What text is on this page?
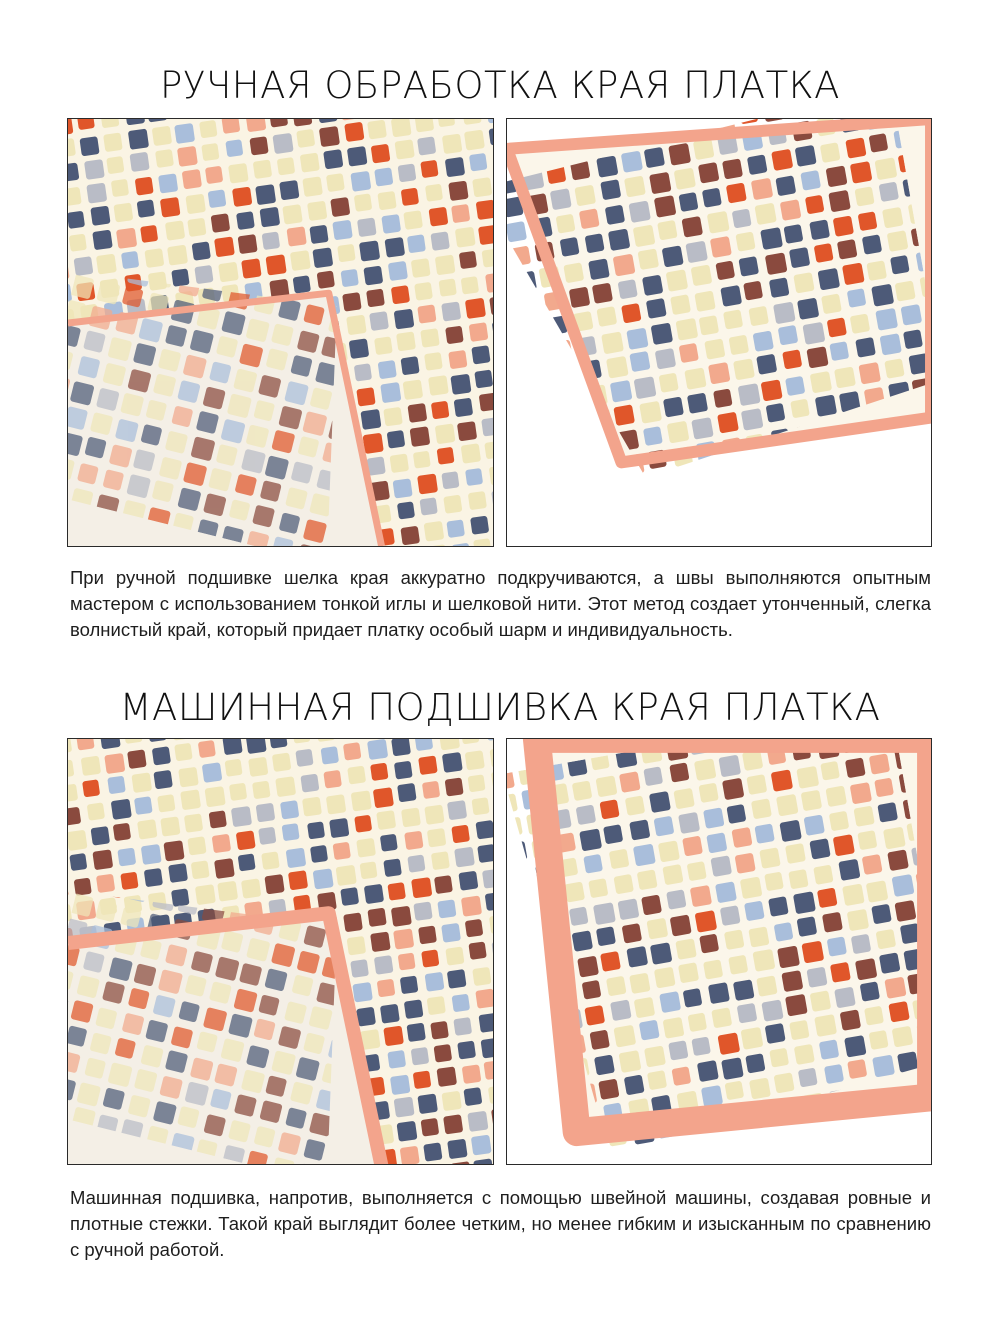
РУЧНАЯ ОБРАБОТКА КРАЯ ПЛАТКА
При ручной подшивке шелка края аккуратно подкручиваются, а швы выполняются опытным мастером с использованием тонкой иглы и шелковой нити. Этот метод создает утонченный, слегка волнистый край, который придает платку особый шарм и индивидуальность.
МАШИННАЯ ПОДШИВКА КРАЯ ПЛАТКА
Машинная подшивка, напротив, выполняется с помощью швейной машины, создавая ровные и плотные стежки. Такой край выглядит более четким, но менее гибким и изысканным по сравнению с ручной работой.
